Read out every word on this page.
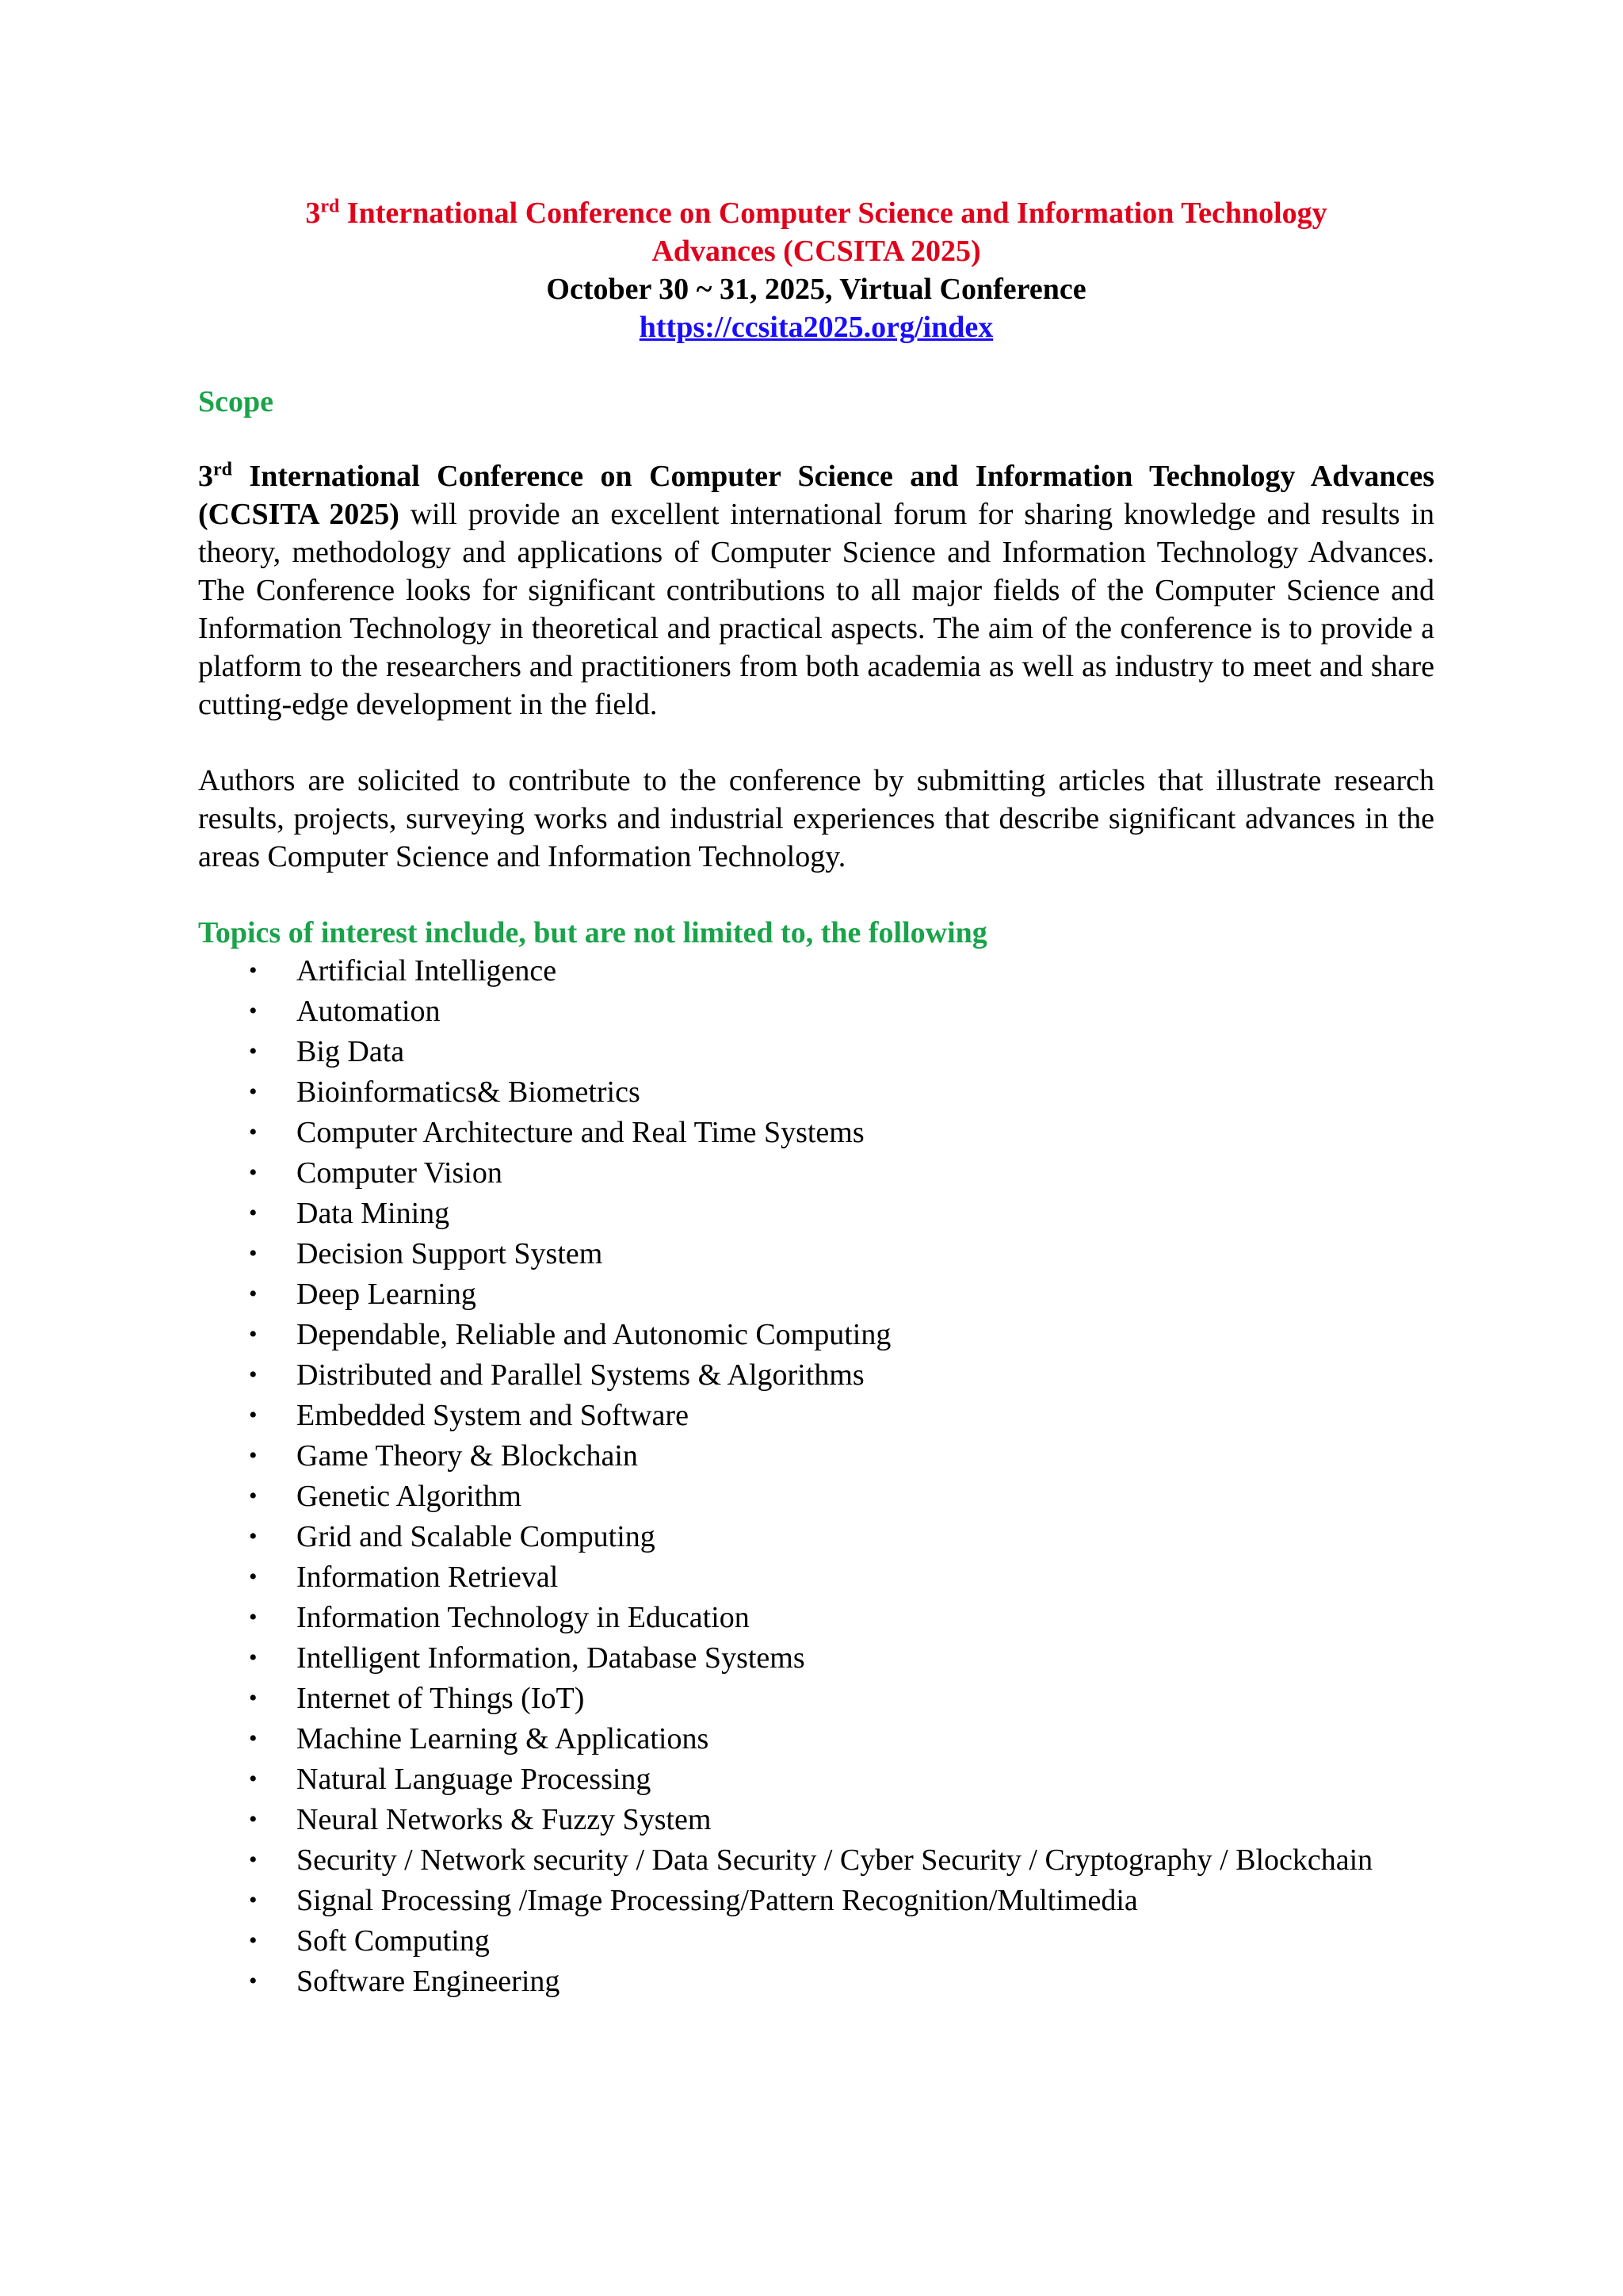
3rd International Conference on Computer Science and Information Technology
Advances (CCSITA 2025)
October 30 ~ 31, 2025, Virtual Conference
https://ccsita2025.org/index
Scope

3rd International Conference on Computer Science and Information Technology Advances (CCSITA 2025) will provide an excellent international forum for sharing knowledge and results in theory, methodology and applications of Computer Science and Information Technology Advances. The Conference looks for significant contributions to all major fields of the Computer Science and Information Technology in theoretical and practical aspects. The aim of the conference is to provide a platform to the researchers and practitioners from both academia as well as industry to meet and share cutting-edge development in the field.

Authors are solicited to contribute to the conference by submitting articles that illustrate research results, projects, surveying works and industrial experiences that describe significant advances in the areas Computer Science and Information Technology.

Topics of interest include, but are not limited to, the following
• Artificial Intelligence
• Automation
• Big Data
• Bioinformatics& Biometrics
• Computer Architecture and Real Time Systems
• Computer Vision
• Data Mining
• Decision Support System
• Deep Learning
• Dependable, Reliable and Autonomic Computing
• Distributed and Parallel Systems & Algorithms
• Embedded System and Software
• Game Theory & Blockchain
• Genetic Algorithm
• Grid and Scalable Computing
• Information Retrieval
• Information Technology in Education
• Intelligent Information, Database Systems
• Internet of Things (IoT)
• Machine Learning & Applications
• Natural Language Processing
• Neural Networks & Fuzzy System
• Security / Network security / Data Security / Cyber Security / Cryptography / Blockchain
• Signal Processing /Image Processing/Pattern Recognition/Multimedia
• Soft Computing
• Software Engineering
